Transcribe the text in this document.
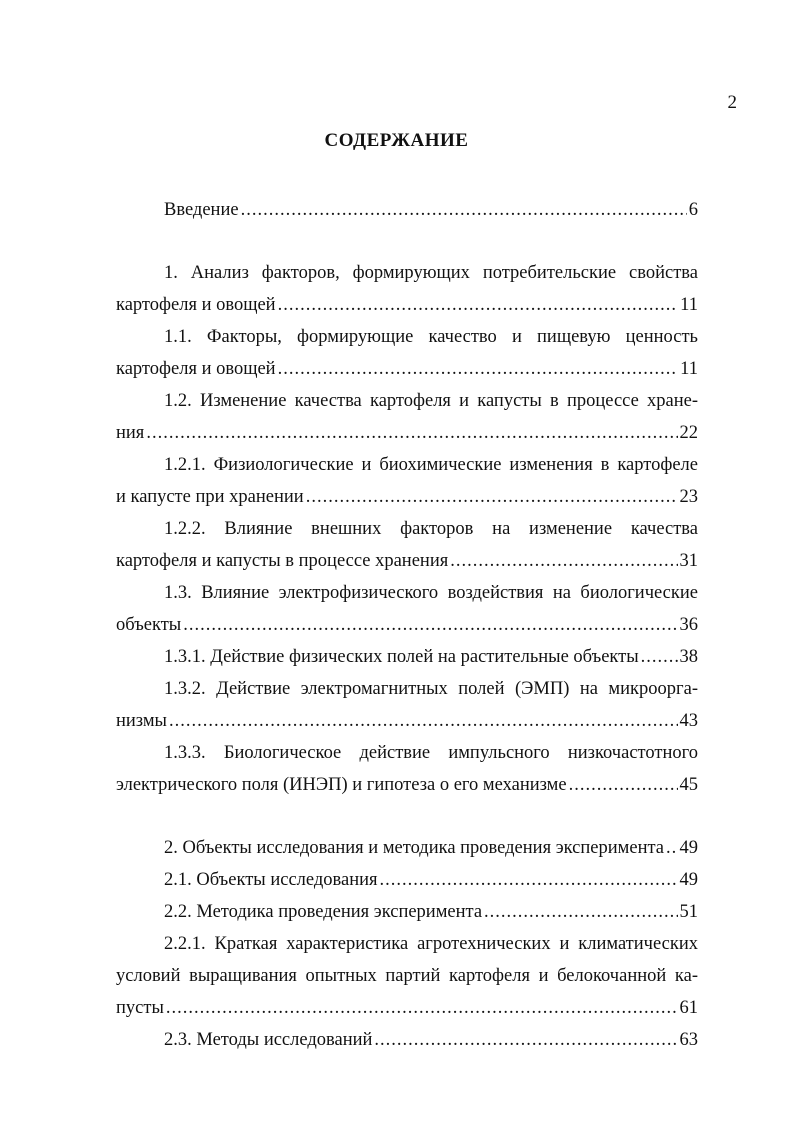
2
СОДЕРЖАНИЕ
Введение .....	6
1. Анализ факторов, формирующих потребительские свойства
картофеля и овощей .....	11
1.1. Факторы, формирующие качество и пищевую ценность
картофеля и овощей .....	11
1.2. Изменение качества картофеля и капусты в процессе хране-
ния .....	22
1.2.1. Физиологические и биохимические изменения в картофеле
и капусте при хранении .....	23
1.2.2. Влияние внешних факторов на изменение качества
картофеля и капусты в процессе хранения .....	31
1.3. Влияние электрофизического воздействия на биологические
объекты .....	36
1.3.1. Действие физических полей на растительные объекты ..... 38
1.3.2. Действие электромагнитных полей (ЭМП) на микроорга-
низмы .....	43
1.3.3. Биологическое действие импульсного низкочастотного
электрического поля (ИНЭП) и гипотеза о его механизме .....	45
2. Объекты исследования и методика проведения эксперимента ..... 49
2.1. Объекты исследования .....	49
2.2. Методика проведения эксперимента .....	51
2.2.1. Краткая характеристика агротехнических и климатических
условий выращивания опытных партий картофеля и белокочанной ка-
пусты .....	61
2.3. Методы исследований .....	63
